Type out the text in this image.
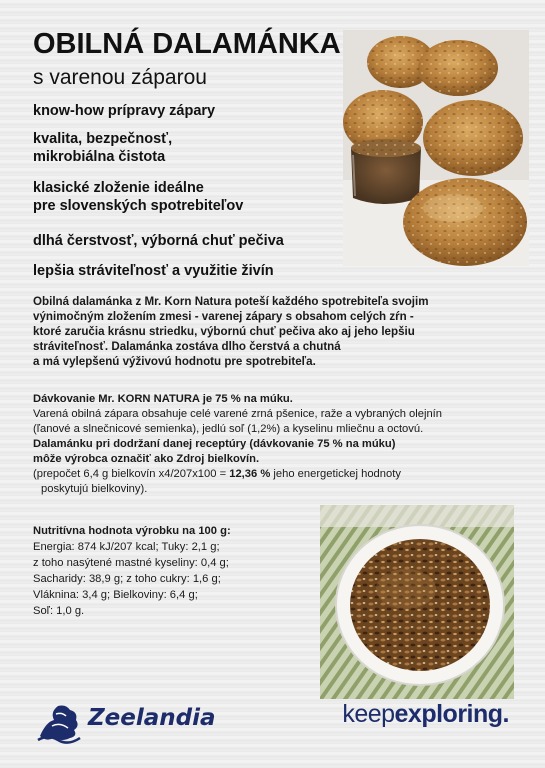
OBILNÁ DALAMÁNKA
s varenou záparou
know-how prípravy zápary
kvalita, bezpečnosť,
mikrobiálna čistota
klasické zloženie ideálne
pre slovenských spotrebiteľov
dlhá čerstvosť, výborná chuť pečiva
lepšia stráviteľnosť a využitie živín
Obilná dalamánka z Mr. Korn Natura poteší každého spotrebiteľa svojim
výnimočným zložením zmesi - varenej zápary s obsahom celých zŕn -
ktoré zaručia krásnu striedku, výbornú chuť pečiva ako aj jeho lepšiu
stráviteľnosť. Dalamánka zostáva dlho čerstvá a chutná
a má vylepšenú výživovú hodnotu pre spotrebiteľa.
Dávkovanie Mr. KORN NATURA je 75 % na múku.
Varená obilná zápara obsahuje celé varené zrná pšenice, raže a vybraných olejnín
(ľanové a slnečnicové semienka), jedlú soľ (1,2%) a kyselinu mliečnu a octovú.
Dalamánku pri dodržaní danej receptúry (dávkovanie 75 % na múku)
môže výrobca označiť ako Zdroj bielkovín.
(prepočet 6,4 g bielkovín x4/207x100 = 12,36 % jeho energetickej hodnoty
poskytujú bielkoviny).
Nutritívna hodnota výrobku na 100 g:
Energia: 874 kJ/207 kcal; Tuky: 2,1 g;
z toho nasýtené mastné kyseliny: 0,4 g;
Sacharidy: 38,9 g; z toho cukry: 1,6 g;
Vláknina: 3,4 g; Bielkoviny: 6,4 g;
Soľ: 1,0 g.
Zeelandia	keepexploring.
